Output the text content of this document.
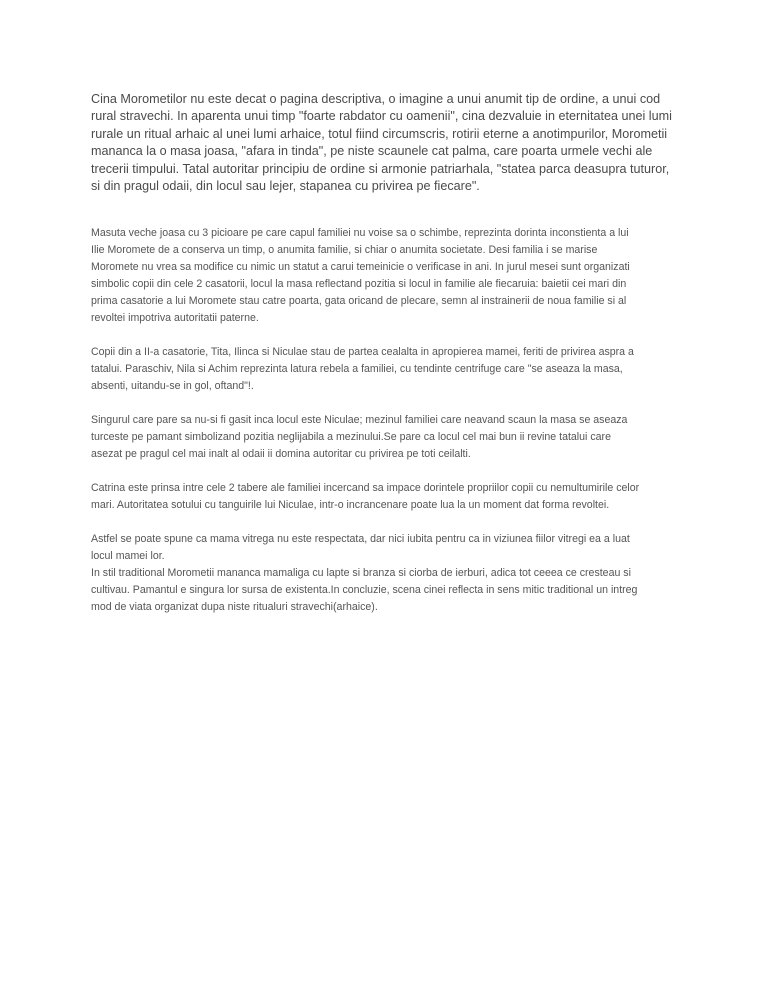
Cina Morometilor nu este decat o pagina descriptiva, o imagine a unui anumit tip de ordine, a unui cod
rural stravechi. In aparenta unui timp "foarte rabdator cu oamenii", cina dezvaluie in eternitatea unei lumi
rurale un ritual arhaic al unei lumi arhaice, totul fiind circumscris, rotirii eterne a anotimpurilor, Morometii
mananca la o masa joasa, "afara in tinda", pe niste scaunele cat palma, care poarta urmele vechi ale
trecerii timpului. Tatal autoritar principiu de ordine si armonie patriarhala, "statea parca deasupra tuturor,
si din pragul odaii, din locul sau lejer, stapanea cu privirea pe fiecare".

Masuta veche joasa cu 3 picioare pe care capul familiei nu voise sa o schimbe, reprezinta dorinta inconstienta a lui
Ilie Moromete de a conserva un timp, o anumita familie, si chiar o anumita societate. Desi familia i se marise
Moromete nu vrea sa modifice cu nimic un statut a carui temeinicie o verificase in ani. In jurul mesei sunt organizati
simbolic copii din cele 2 casatorii, locul la masa reflectand pozitia si locul in familie ale fiecaruia: baietii cei mari din
prima casatorie a lui Moromete stau catre poarta, gata oricand de plecare, semn al instrainerii de noua familie si al
revoltei impotriva autoritatii paterne.

Copii din a II-a casatorie, Tita, Ilinca si Niculae stau de partea cealalta in apropierea mamei, feriti de privirea aspra a
tatalui. Paraschiv, Nila si Achim reprezinta latura rebela a familiei, cu tendinte centrifuge care "se aseaza la masa,
absenti, uitandu-se in gol, oftand"!.

Singurul care pare sa nu-si fi gasit inca locul este Niculae; mezinul familiei care neavand scaun la masa se aseaza
turceste pe pamant simbolizand pozitia neglijabila a mezinului.Se pare ca locul cel mai bun ii revine tatalui care
asezat pe pragul cel mai inalt al odaii ii domina autoritar cu privirea pe toti ceilalti.

Catrina este prinsa intre cele 2 tabere ale familiei incercand sa impace dorintele propriilor copii cu nemultumirile celor
mari. Autoritatea sotului cu tanguirile lui Niculae, intr-o incrancenare poate lua la un moment dat forma revoltei.

Astfel se poate spune ca mama vitrega nu este respectata, dar nici iubita pentru ca in viziunea fiilor vitregi ea a luat
locul mamei lor.

In stil traditional Morometii mananca mamaliga cu lapte si branza si ciorba de ierburi, adica tot ceeea ce cresteau si
cultivau. Pamantul e singura lor sursa de existenta.In concluzie, scena cinei reflecta in sens mitic traditional un intreg
mod de viata organizat dupa niste ritualuri stravechi(arhaice).
